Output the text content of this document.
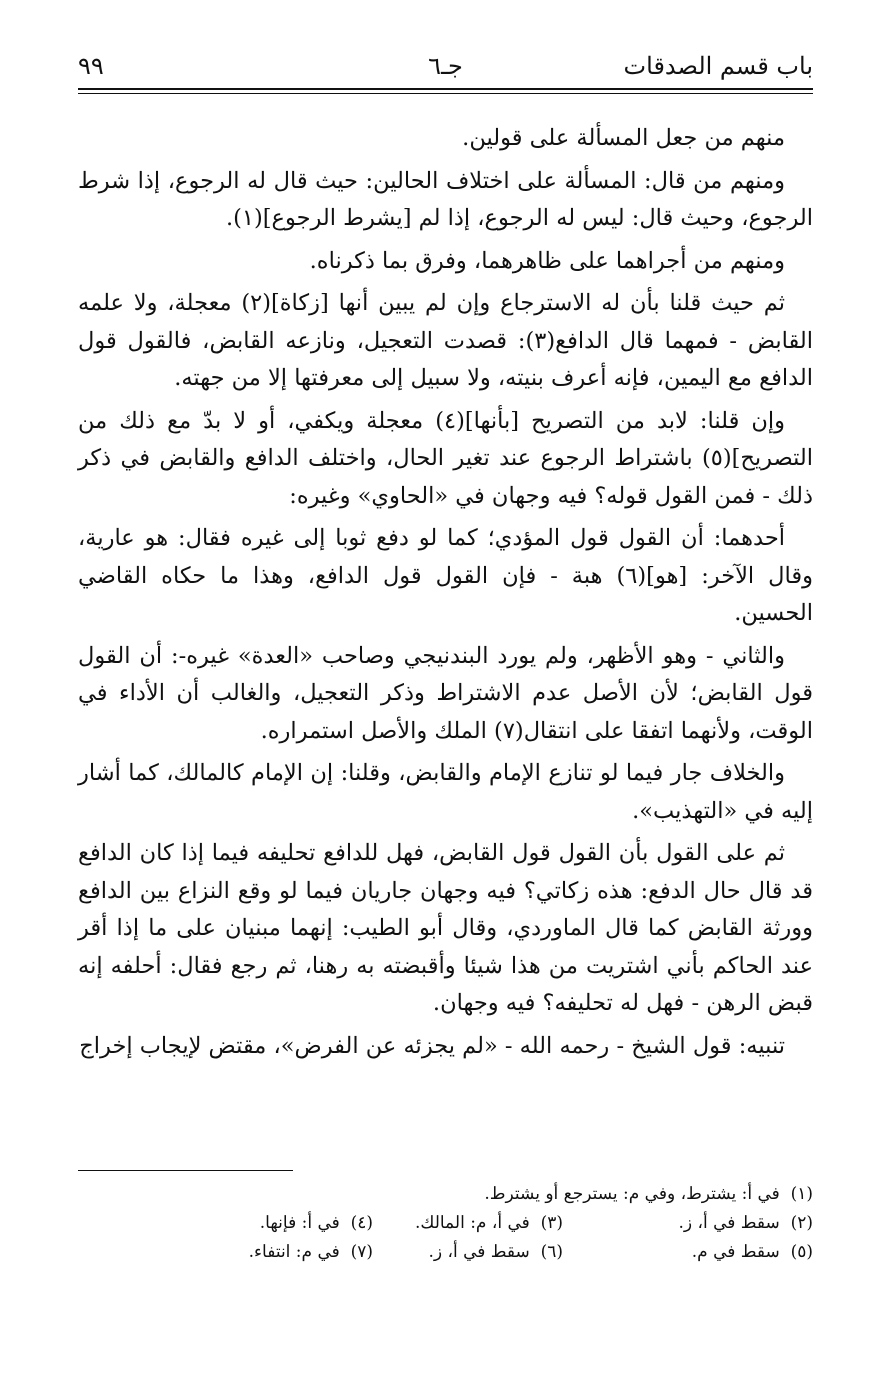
باب قسم الصدقات
جـ٦
٩٩

منهم من جعل المسألة على قولين.

ومنهم من قال: المسألة على اختلاف الحالين: حيث قال له الرجوع، إذا شرط الرجوع، وحيث قال: ليس له الرجوع، إذا لم [يشرط الرجوع](١).

ومنهم من أجراهما على ظاهرهما، وفرق بما ذكرناه.

ثم حيث قلنا بأن له الاسترجاع وإن لم يبين أنها [زكاة](٢) معجلة، ولا علمه القابض - فمهما قال الدافع(٣): قصدت التعجيل، ونازعه القابض، فالقول قول الدافع مع اليمين، فإنه أعرف بنيته، ولا سبيل إلى معرفتها إلا من جهته.

وإن قلنا: لابد من التصريح [بأنها](٤) معجلة ويكفي، أو لا بدّ مع ذلك من التصريح](٥) باشتراط الرجوع عند تغير الحال، واختلف الدافع والقابض في ذكر ذلك - فمن القول قوله؟ فيه وجهان في «الحاوي» وغيره:

أحدهما: أن القول قول المؤدي؛ كما لو دفع ثوبا إلى غيره فقال: هو عارية، وقال الآخر: [هو](٦) هبة - فإن القول قول الدافع، وهذا ما حكاه القاضي الحسين.

والثاني - وهو الأظهر، ولم يورد البندنيجي وصاحب «العدة» غيره-: أن القول قول القابض؛ لأن الأصل عدم الاشتراط وذكر التعجيل، والغالب أن الأداء في الوقت، ولأنهما اتفقا على انتقال(٧) الملك والأصل استمراره.

والخلاف جار فيما لو تنازع الإمام والقابض، وقلنا: إن الإمام كالمالك، كما أشار إليه في «التهذيب».

ثم على القول بأن القول قول القابض، فهل للدافع تحليفه فيما إذا كان الدافع قد قال حال الدفع: هذه زكاتي؟ فيه وجهان جاريان فيما لو وقع النزاع بين الدافع وورثة القابض كما قال الماوردي، وقال أبو الطيب: إنهما مبنيان على ما إذا أقر عند الحاكم بأني اشتريت من هذا شيئا وأقبضته به رهنا، ثم رجع فقال: أحلفه إنه قبض الرهن - فهل له تحليفه؟ فيه وجهان.

تنبيه: قول الشيخ - رحمه الله - «لم يجزئه عن الفرض»، مقتض لإيجاب إخراج

(١)  في أ: يشترط، وفي م: يسترجع أو يشترط.
(٢)  سقط في أ، ز.
(٣)  في أ، م: المالك.
(٤)  في أ: فإنها.
(٥)  سقط في م.
(٦)  سقط في أ، ز.
(٧)  في م: انتفاء.
